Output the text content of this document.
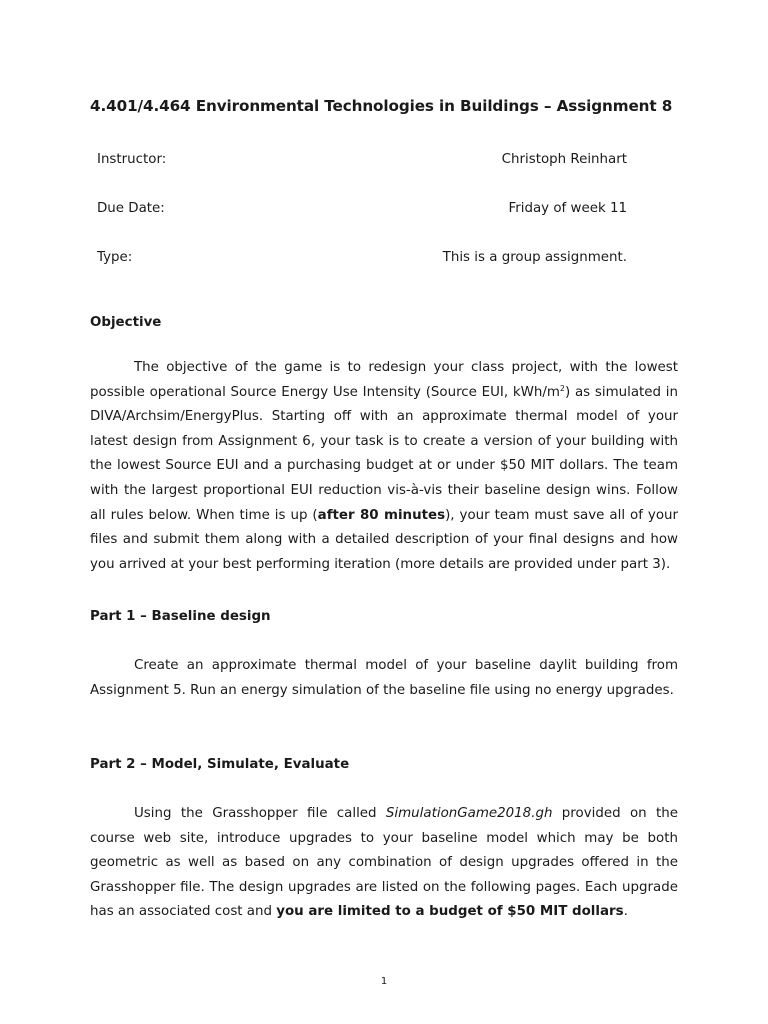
4.401/4.464 Environmental Technologies in Buildings – Assignment 8
Instructor:	Christoph Reinhart
Due Date:	Friday of week 11
Type:	This is a group assignment.
Objective
The objective of the game is to redesign your class project, with the lowest possible operational Source Energy Use Intensity (Source EUI, kWh/$m^2$) as simulated in DIVA/Archsim/EnergyPlus. Starting off with an approximate thermal model of your latest design from Assignment 6, your task is to create a version of your building with the lowest Source EUI and a purchasing budget at or under $50 MIT dollars. The team with the largest proportional EUI reduction vis-à-vis their baseline design wins. Follow all rules below. When time is up (after 80 minutes), your team must save all of your files and submit them along with a detailed description of your final designs and how you arrived at your best performing iteration (more details are provided under part 3).
Part 1 – Baseline design
Create an approximate thermal model of your baseline daylit building from Assignment 5. Run an energy simulation of the baseline file using no energy upgrades.
Part 2 – Model, Simulate, Evaluate
Using the Grasshopper file called SimulationGame2018.gh provided on the course web site, introduce upgrades to your baseline model which may be both geometric as well as based on any combination of design upgrades offered in the Grasshopper file. The design upgrades are listed on the following pages. Each upgrade has an associated cost and you are limited to a budget of $50 MIT dollars.
1
